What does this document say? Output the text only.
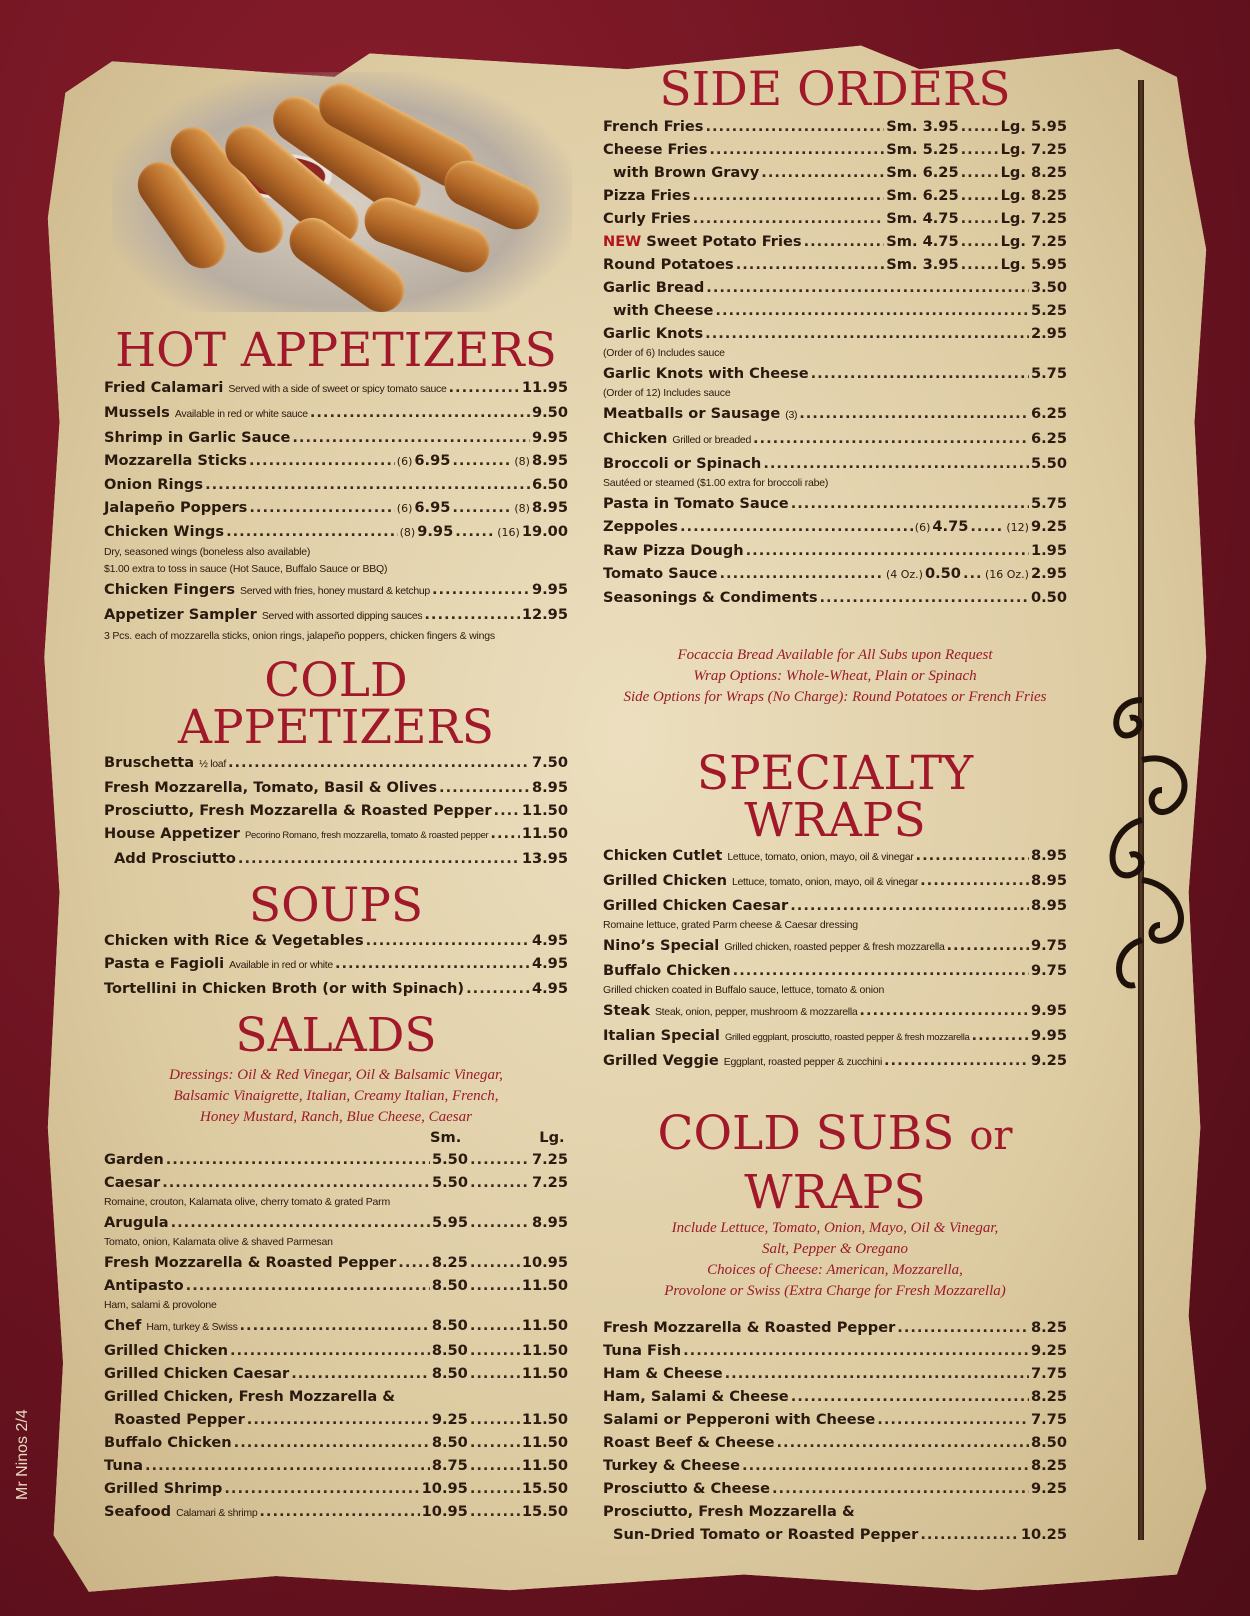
HOT APPETIZERS
Fried Calamari Served with a side of sweet or spicy tomato sauce .....	11.95
Mussels Available in red or white sauce .....	9.50
Shrimp in Garlic Sauce .....	9.95
Mozzarella Sticks .....	(6) 6.95 .....	(8) 8.95
Onion Rings .....	6.50
Jalapeño Poppers .....	(6) 6.95 .....	(8) 8.95
Chicken Wings .....	(8) 9.95 .....	(16) 19.00
Dry, seasoned wings (boneless also available)
$1.00 extra to toss in sauce (Hot Sauce, Buffalo Sauce or BBQ)
Chicken Fingers Served with fries, honey mustard & ketchup .....	9.95
Appetizer Sampler Served with assorted dipping sauces .....	12.95
3 Pcs. each of mozzarella sticks, onion rings, jalapeño poppers, chicken fingers & wings
COLD APPETIZERS
Bruschetta ½ loaf .....	7.50
Fresh Mozzarella, Tomato, Basil & Olives .....	8.95
Prosciutto, Fresh Mozzarella & Roasted Pepper ..... 11.50
House Appetizer Pecorino Romano, fresh mozzarella, tomato & roasted pepper ..... 11.50
Add Prosciutto .....	13.95
SOUPS
Chicken with Rice & Vegetables .....	4.95
Pasta e Fagioli Available in red or white .....	4.95
Tortellini in Chicken Broth (or with Spinach) .....	4.95
SALADS
Dressings: Oil & Red Vinegar, Oil & Balsamic Vinegar,
Balsamic Vinaigrette, Italian, Creamy Italian, French,
Honey Mustard, Ranch, Blue Cheese, Caesar
Sm.	Lg.
Garden .....	5.50 .....	7.25
Caesar .....	5.50 .....	7.25
Romaine, crouton, Kalamata olive, cherry tomato & grated Parm
Arugula .....	5.95 .....	8.95
Tomato, onion, Kalamata olive & shaved Parmesan
Fresh Mozzarella & Roasted Pepper ..... 8.25 .....	10.95
Antipasto .....	8.50 .....	11.50
Ham, salami & provolone
Chef Ham, turkey & Swiss .....	8.50 .....	11.50
Grilled Chicken .....	8.50 .....	11.50
Grilled Chicken Caesar .....	8.50 .....	11.50
Grilled Chicken, Fresh Mozzarella &
Roasted Pepper .....	9.25 .....	11.50
Buffalo Chicken .....	8.50 .....	11.50
Tuna .....	8.75 .....	11.50
Grilled Shrimp .....	10.95 .....	15.50
Seafood Calamari & shrimp .....	10.95 .....	15.50
SIDE ORDERS
French Fries .....	Sm. 3.95 .....	Lg. 5.95
Cheese Fries .....	Sm. 5.25 .....	Lg. 7.25
with Brown Gravy .....	Sm. 6.25 .....	Lg. 8.25
Pizza Fries .....	Sm. 6.25 .....	Lg. 8.25
Curly Fries .....	Sm. 4.75 .....	Lg. 7.25
NEW Sweet Potato Fries .....	Sm. 4.75 .....	Lg. 7.25
Round Potatoes .....	Sm. 3.95 .....	Lg. 5.95
Garlic Bread .....	3.50
with Cheese .....	5.25
Garlic Knots .....	2.95
(Order of 6) Includes sauce
Garlic Knots with Cheese .....	5.75
(Order of 12) Includes sauce
Meatballs or Sausage (3) .....	6.25
Chicken Grilled or breaded .....	6.25
Broccoli or Spinach .....	5.50
Sautéed or steamed ($1.00 extra for broccoli rabe)
Pasta in Tomato Sauce .....	5.75
Zeppoles .....	(6) 4.75 .....	(12) 9.25
Raw Pizza Dough .....	1.95
Tomato Sauce .....	(4 Oz.) 0.50 ..... (16 Oz.) 2.95
Seasonings & Condiments .....	0.50
Focaccia Bread Available for All Subs upon Request
Wrap Options: Whole-Wheat, Plain or Spinach
Side Options for Wraps (No Charge): Round Potatoes or French Fries
SPECIALTY WRAPS
Chicken Cutlet Lettuce, tomato, onion, mayo, oil & vinegar .....	8.95
Grilled Chicken Lettuce, tomato, onion, mayo, oil & vinegar .....	8.95
Grilled Chicken Caesar .....	8.95
Romaine lettuce, grated Parm cheese & Caesar dressing
Nino’s Special Grilled chicken, roasted pepper & fresh mozzarella .....	9.75
Buffalo Chicken .....	9.75
Grilled chicken coated in Buffalo sauce, lettuce, tomato & onion
Steak Steak, onion, pepper, mushroom & mozzarella .....	9.95
Italian Special Grilled eggplant, prosciutto, roasted pepper & fresh mozzarella .....	9.95
Grilled Veggie Eggplant, roasted pepper & zucchini .....	9.25
COLD SUBS or
WRAPS
Include Lettuce, Tomato, Onion, Mayo, Oil & Vinegar,
Salt, Pepper & Oregano
Choices of Cheese: American, Mozzarella,
Provolone or Swiss (Extra Charge for Fresh Mozzarella)
Fresh Mozzarella & Roasted Pepper .....	8.25
Tuna Fish .....	9.25
Ham & Cheese .....	7.75
Ham, Salami & Cheese .....	8.25
Salami or Pepperoni with Cheese .....	7.75
Roast Beef & Cheese .....	8.50
Turkey & Cheese .....	8.25
Prosciutto & Cheese .....	9.25
Prosciutto, Fresh Mozzarella &
Sun-Dried Tomato or Roasted Pepper .....	10.25
Mr Ninos 2/4
